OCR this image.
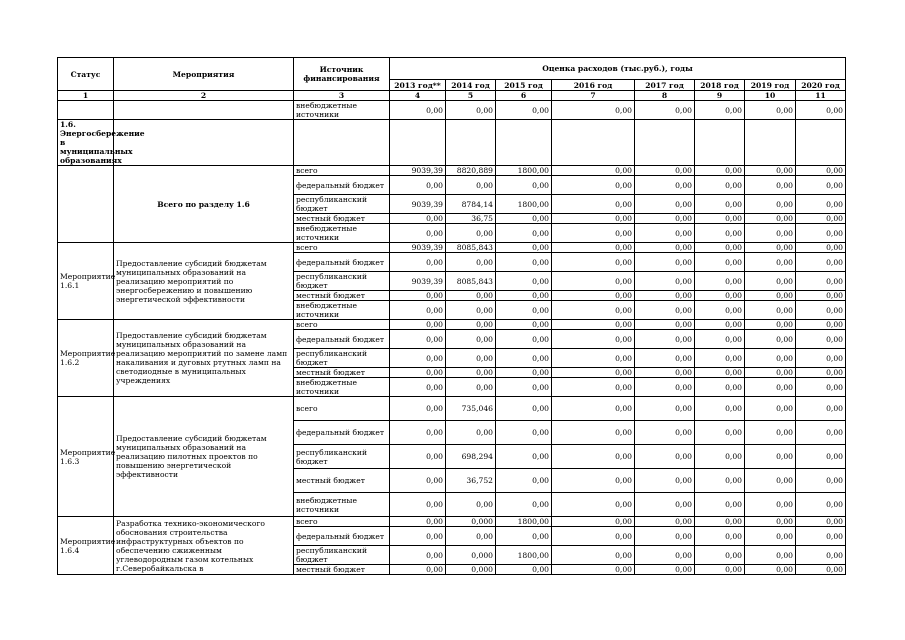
Статус	Мероприятия	Источник финансирования	Оценка расходов (тыс.руб.), годы							
			2013 год**	2014 год	2015 год	2016 год	2017 год	2018 год	2019 год	2020 год
1	2	3	4	5	6	7	8	9	10	11
		внебюджетные источники	0,00	0,00	0,00	0,00	0,00	0,00	0,00	0,00
1.6. Энергосбережение в муниципальных образованиях										
	Всего по разделу 1.6	всего	9039,39	8820,889	1800,00	0,00	0,00	0,00	0,00	0,00
		федеральный бюджет	0,00	0,00	0,00	0,00	0,00	0,00	0,00	0,00
		республиканский бюджет	9039,39	8784,14	1800,00	0,00	0,00	0,00	0,00	0,00
		местный бюджет	0,00	36,75	0,00	0,00	0,00	0,00	0,00	0,00
		внебюджетные источники	0,00	0,00	0,00	0,00	0,00	0,00	0,00	0,00
Мероприятие 1.6.1	Предоставление субсидий бюджетам муниципальных образований на реализацию мероприятий по энергосбережению и повышению энергетической эффективности	всего	9039,39	8085,843	0,00	0,00	0,00	0,00	0,00	0,00
		федеральный бюджет	0,00	0,00	0,00	0,00	0,00	0,00	0,00	0,00
		республиканский бюджет	9039,39	8085,843	0,00	0,00	0,00	0,00	0,00	0,00
		местный бюджет	0,00	0,00	0,00	0,00	0,00	0,00	0,00	0,00
		внебюджетные источники	0,00	0,00	0,00	0,00	0,00	0,00	0,00	0,00
Мероприятие 1.6.2	Предоставление субсидий бюджетам муниципальных образований на реализацию мероприятий по замене ламп накаливания и дуговых ртутных ламп на светодиодные в муниципальных учреждениях	всего	0,00	0,00	0,00	0,00	0,00	0,00	0,00	0,00
		федеральный бюджет	0,00	0,00	0,00	0,00	0,00	0,00	0,00	0,00
		республиканский бюджет	0,00	0,00	0,00	0,00	0,00	0,00	0,00	0,00
		местный бюджет	0,00	0,00	0,00	0,00	0,00	0,00	0,00	0,00
		внебюджетные источники	0,00	0,00	0,00	0,00	0,00	0,00	0,00	0,00
Мероприятие 1.6.3	Предоставление субсидий бюджетам муниципальных образований на реализацию пилотных проектов по повышению энергетической эффективности	всего	0,00	735,046	0,00	0,00	0,00	0,00	0,00	0,00
		федеральный бюджет	0,00	0,00	0,00	0,00	0,00	0,00	0,00	0,00
		республиканский бюджет	0,00	698,294	0,00	0,00	0,00	0,00	0,00	0,00
		местный бюджет	0,00	36,752	0,00	0,00	0,00	0,00	0,00	0,00
		внебюджетные источники	0,00	0,00	0,00	0,00	0,00	0,00	0,00	0,00
Мероприятие 1.6.4	Разработка технико-экономического обоснования строительства инфраструктурных объектов по обеспечению сжиженным углеводородным газом котельных г.Северобайкальска в	всего	0,00	0,000	1800,00	0,00	0,00	0,00	0,00	0,00
		федеральный бюджет	0,00	0,00	0,00	0,00	0,00	0,00	0,00	0,00
		республиканский бюджет	0,00	0,000	1800,00	0,00	0,00	0,00	0,00	0,00
		местный бюджет	0,00	0,000	0,00	0,00	0,00	0,00	0,00	0,00
